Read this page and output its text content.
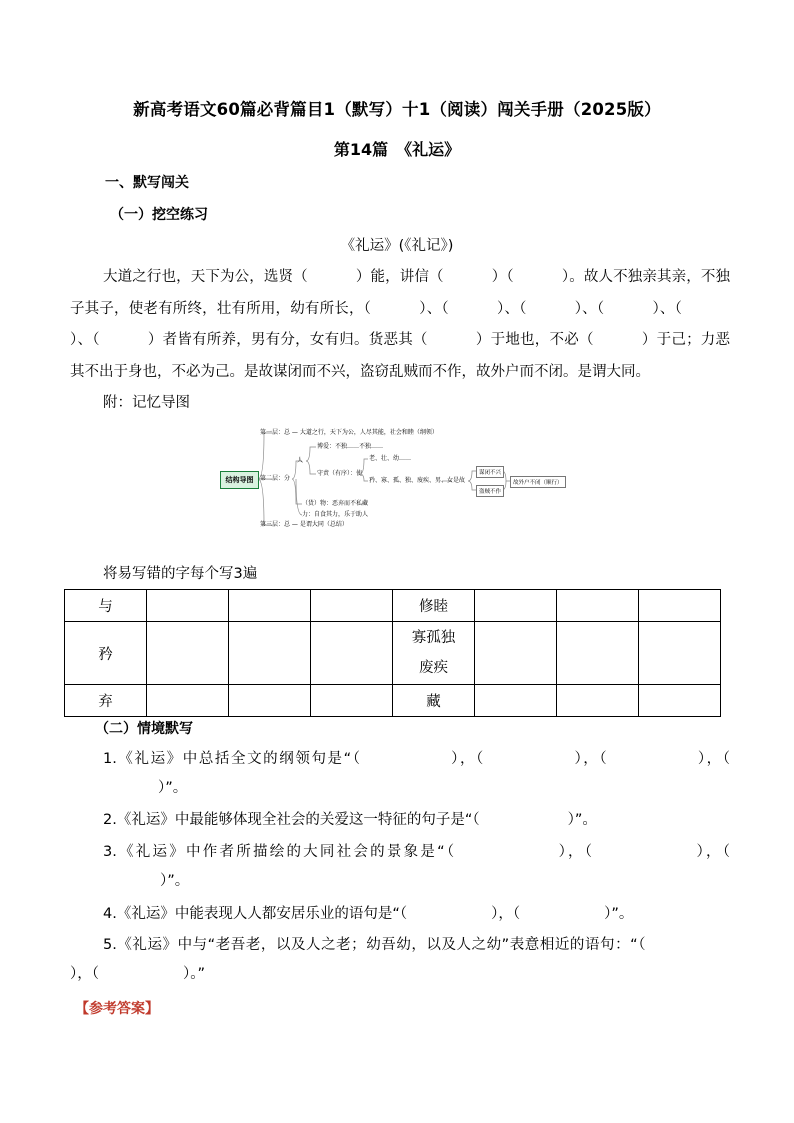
新高考语文60篇必背篇目1（默写）十1（阅读）闯关手册（2025版）
第14篇　《礼运》
一、默写闯关
（一）挖空练习
《礼运》(《礼记》)
大道之行也，天下为公，选贤（	）能，讲信（	）（	）。故人不独亲其亲，不独子其子，使老有所终，壮有所用，幼有所长，（	）、（	）、（	）、（	）、（）、（	）者皆有所养，男有分，女有归。货恶其（	）于地也，不必（	）于己；力恶其不出于身也，不必为己。是故谋闭而不兴，盗窃乱贼而不作，故外户而不闭。是谓大同。
附：记忆导图
结构导图
第一层：总 — 大道之行，天下为公，人尽其能，社会和睦（纲领）
第二层：分
人
博爱：不独……不独……
守责（有序）：使
老、壮、幼……
矜、寡、孤、独、废疾、男、女
（货）物：恶弃而不私藏
力：自食其力，乐于助人
是故
谋闭不兴
盗贼不作
故外户不闭（顺行）
第三层：总 — 是谓大同（总结）
将易写错的字每个写3遍
与				修睦			
矜				寡孤独
废疾			

弃				藏			
（二）情境默写
1.《礼运》中总括全文的纲领句是“（	），（	），（	），（）”。
2.《礼运》中最能够体现全社会的关爱这一特征的句子是“（	）”。
3.《礼运》中作者所描绘的大同社会的景象是“（	），（	），（）”。
4.《礼运》中能表现人人都安居乐业的语句是“（	），（	）”。
5.《礼运》中与“老吾老，以及人之老；幼吾幼，以及人之幼”表意相近的语句：“（），（	）。”
【参考答案】
